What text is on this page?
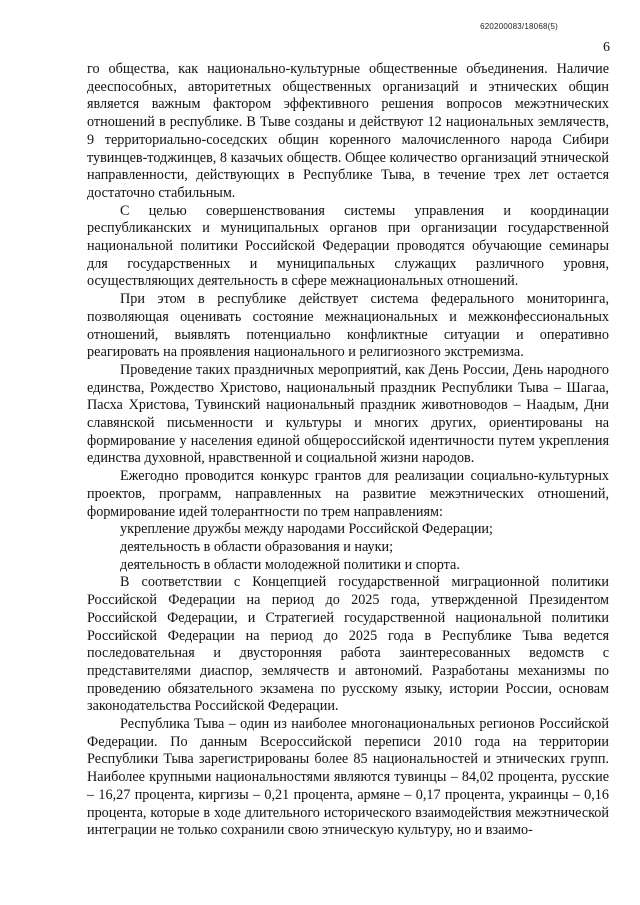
620200083/18068(5)
6

го общества, как национально-культурные общественные объединения. Наличие дееспособных, авторитетных общественных организаций и этнических общин является важным фактором эффективного решения вопросов межэтнических отношений в республике. В Тыве созданы и действуют 12 национальных землячеств, 9 территориально-соседских общин коренного малочисленного народа Сибири тувинцев-тоджинцев, 8 казачьих обществ. Общее количество организаций этнической направленности, действующих в Республике Тыва, в течение трех лет остается достаточно стабильным.

С целью совершенствования системы управления и координации республиканских и муниципальных органов при организации государственной национальной политики Российской Федерации проводятся обучающие семинары для государственных и муниципальных служащих различного уровня, осуществляющих деятельность в сфере межнациональных отношений.

При этом в республике действует система федерального мониторинга, позволяющая оценивать состояние межнациональных и межконфессиональных отношений, выявлять потенциально конфликтные ситуации и оперативно реагировать на проявления национального и религиозного экстремизма.

Проведение таких праздничных мероприятий, как День России, День народного единства, Рождество Христово, национальный праздник Республики Тыва – Шагаа, Пасха Христова, Тувинский национальный праздник животноводов – Наадым, Дни славянской письменности и культуры и многих других, ориентированы на формирование у населения единой общероссийской идентичности путем укрепления единства духовной, нравственной и социальной жизни народов.

Ежегодно проводится конкурс грантов для реализации социально-культурных проектов, программ, направленных на развитие межэтнических отношений, формирование идей толерантности по трем направлениям:

укрепление дружбы между народами Российской Федерации;

деятельность в области образования и науки;

деятельность в области молодежной политики и спорта.

В соответствии с Концепцией государственной миграционной политики Российской Федерации на период до 2025 года, утвержденной Президентом Российской Федерации, и Стратегией государственной национальной политики Российской Федерации на период до 2025 года в Республике Тыва ведется последовательная и двусторонняя работа заинтересованных ведомств с представителями диаспор, землячеств и автономий. Разработаны механизмы по проведению обязательного экзамена по русскому языку, истории России, основам законодательства Российской Федерации.

Республика Тыва – один из наиболее многонациональных регионов Российской Федерации. По данным Всероссийской переписи 2010 года на территории Республики Тыва зарегистрированы более 85 национальностей и этнических групп. Наиболее крупными национальностями являются тувинцы – 84,02 процента, русские – 16,27 процента, киргизы – 0,21 процента, армяне – 0,17 процента, украинцы – 0,16 процента, которые в ходе длительного исторического взаимодействия межэтнической интеграции не только сохранили свою этническую культуру, но и взаимо-
